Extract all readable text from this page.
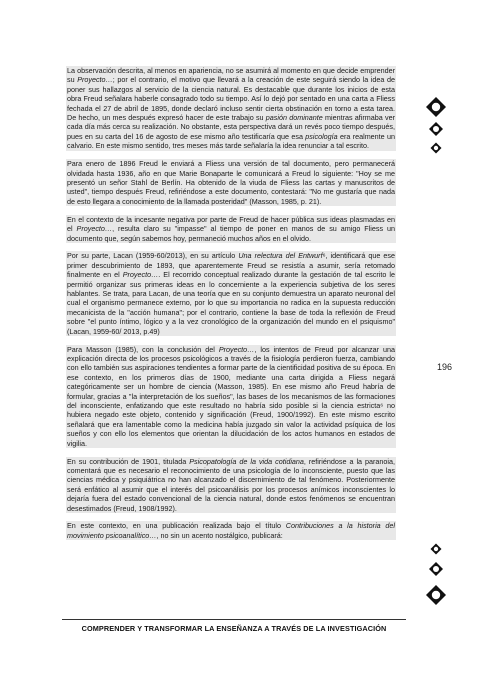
La observación descrita, al menos en apariencia, no se asumirá al momento en que decide emprender su Proyecto…; por el contrario, el motivo que llevará a la creación de este seguirá siendo la idea de poner sus hallazgos al servicio de la ciencia natural. Es destacable que durante los inicios de esta obra Freud señalara haberle consagrado todo su tiempo. Así lo dejó por sentado en una carta a Fliess fechada el 27 de abril de 1895, donde declaró incluso sentir cierta obstinación en torno a esta tarea. De hecho, un mes después expresó hacer de este trabajo su pasión dominante mientras afirmaba ver cada día más cerca su realización. No obstante, esta perspectiva dará un revés poco tiempo después, pues en su carta del 16 de agosto de ese mismo año testificaría que esa psicología era realmente un calvario. En este mismo sentido, tres meses más tarde señalaría la idea renunciar a tal escrito.

Para enero de 1896 Freud le enviará a Fliess una versión de tal documento, pero permanecerá olvidada hasta 1936, año en que Marie Bonaparte le comunicará a Freud lo siguiente: "Hoy se me presentó un señor Stahl de Berlín. Ha obtenido de la viuda de Fliess las cartas y manuscritos de usted", tiempo después Freud, refiriéndose a este documento, contestará: "No me gustaría que nada de esto llegara a conocimiento de la llamada posteridad" (Masson, 1985, p. 21).

En el contexto de la incesante negativa por parte de Freud de hacer pública sus ideas plasmadas en el Proyecto…, resulta claro su "impasse" al tiempo de poner en manos de su amigo Fliess un documento que, según sabemos hoy, permaneció muchos años en el olvido.

Por su parte, Lacan (1959-60/2013), en su artículo Una relectura del Entwurf⁶, identificará que ese primer descubrimiento de 1893, que aparentemente Freud se resistía a asumir, sería retomado finalmente en el Proyecto…. El recorrido conceptual realizado durante la gestación de tal escrito le permitió organizar sus primeras ideas en lo concerniente a la experiencia subjetiva de los seres hablantes. Se trata, para Lacan, de una teoría que en su conjunto demuestra un aparato neuronal del cual el organismo permanece externo, por lo que su importancia no radica en la supuesta reducción mecanicista de la "acción humana"; por el contrario, contiene la base de toda la reflexión de Freud sobre "el punto íntimo, lógico y a la vez cronológico de la organización del mundo en el psiquismo" (Lacan, 1959-60/ 2013, p.49)

Para Masson (1985), con la conclusión del Proyecto…, los intentos de Freud por alcanzar una explicación directa de los procesos psicológicos a través de la fisiología perdieron fuerza, cambiando con ello también sus aspiraciones tendientes a formar parte de la cientificidad positiva de su época. En ese contexto, en los primeros días de 1900, mediante una carta dirigida a Fliess negará categóricamente ser un hombre de ciencia (Masson, 1985). En ese mismo año Freud habría de formular, gracias a "la interpretación de los sueños", las bases de los mecanismos de las formaciones del inconsciente, enfatizando que este resultado no habría sido posible si la ciencia estricta⁶ no hubiera negado este objeto, contenido y significación (Freud, 1900/1992). En este mismo escrito señalará que era lamentable como la medicina había juzgado sin valor la actividad psíquica de los sueños y con ello los elementos que orientan la dilucidación de los actos humanos en estados de vigilia.

En su contribución de 1901, titulada Psicopatología de la vida cotidiana, refiriéndose a la paranoia, comentará que es necesario el reconocimiento de una psicología de lo inconsciente, puesto que las ciencias médica y psiquiátrica no han alcanzado el discernimiento de tal fenómeno. Posteriormente será enfático al asumir que el interés del psicoanálisis por los procesos anímicos inconscientes lo dejaría fuera del estado convencional de la ciencia natural, donde estos fenómenos se encuentran desestimados (Freud, 1908/1992).

En este contexto, en una publicación realizada bajo el título Contribuciones a la historia del movimiento psicoanalítico…, no sin un acento nostálgico, publicará:

196
COMPRENDER Y TRANSFORMAR LA ENSEÑANZA A TRAVÉS DE LA INVESTIGACIÓN
